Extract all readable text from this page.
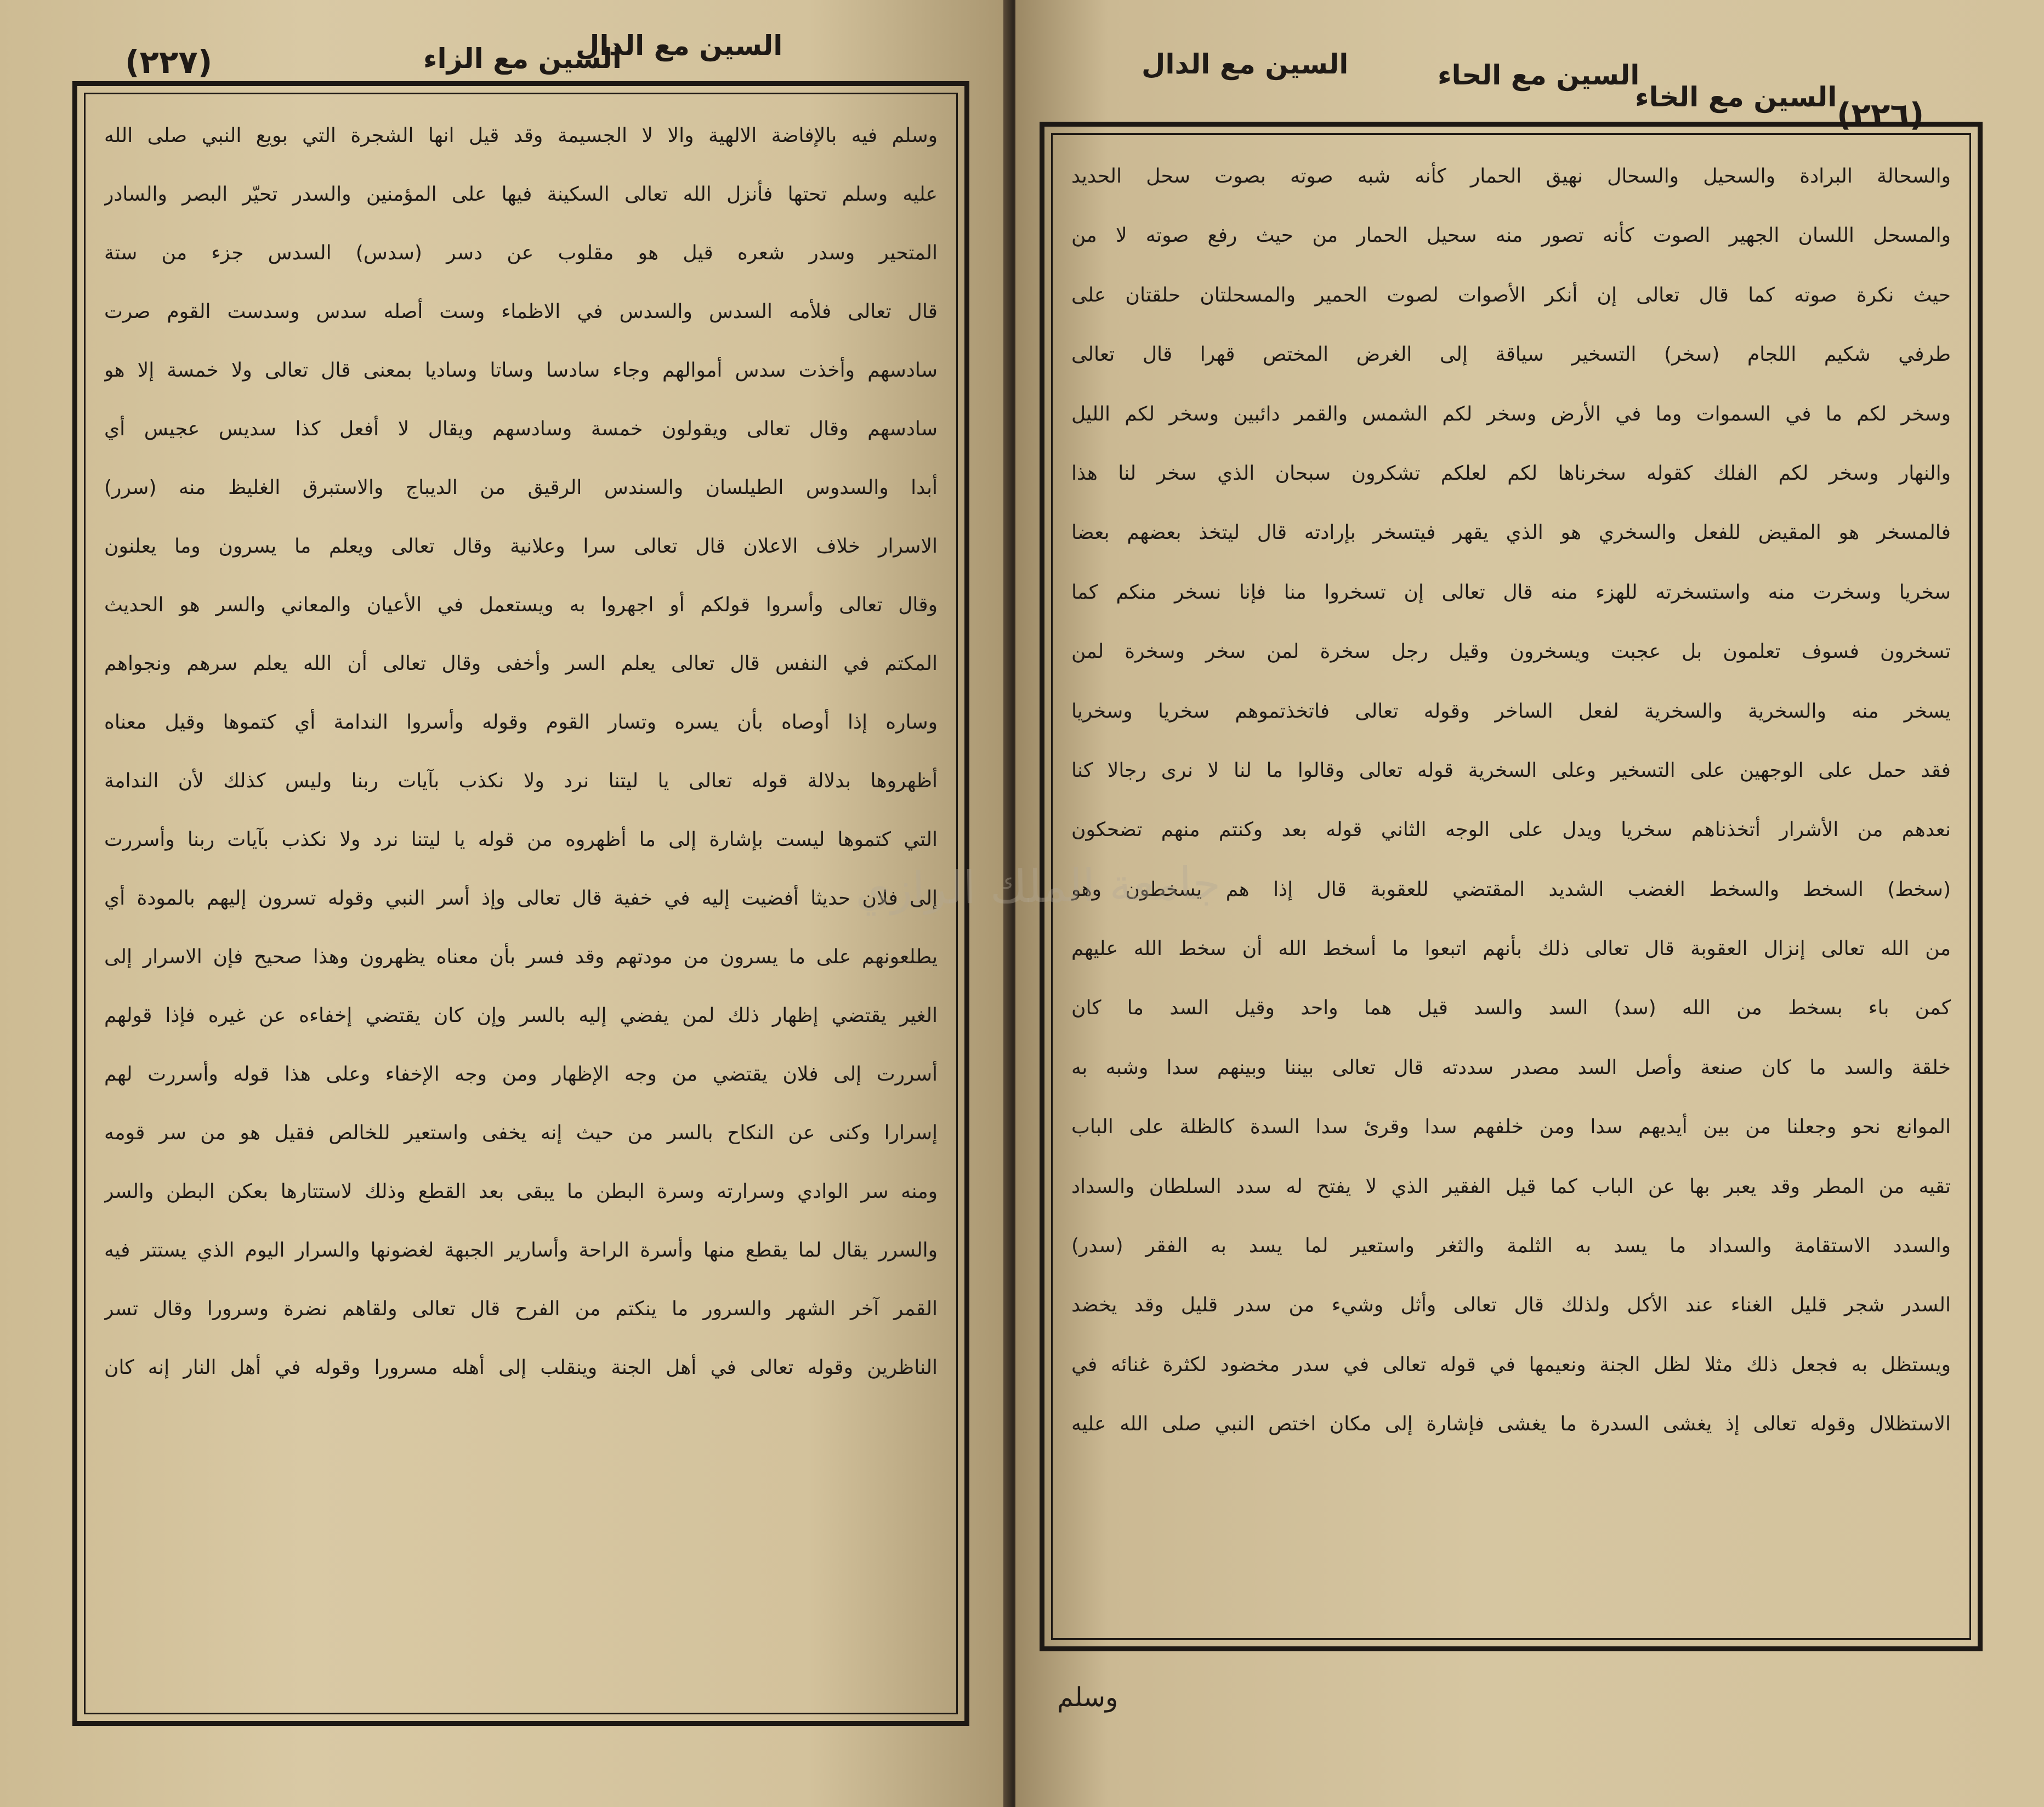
(٢٢٧)	السين مع الدال
السين مع الزاء
وسلم فيه بالإفاضة الالهية والا لا الجسيمة وقد قيل انها الشجرة التي بويع النبي صلى الله
عليه وسلم تحتها فأنزل الله تعالى السكينة فيها على المؤمنين والسدر تحيّر البصر والسادر
المتحير وسدر شعره قيل هو مقلوب عن دسر (سدس) السدس جزء من ستة
قال تعالى فلأمه السدس والسدس في الاظماء وست أصله سدس وسدست القوم صرت
سادسهم وأخذت سدس أموالهم وجاء سادسا وساتا وساديا بمعنى قال تعالى ولا خمسة إلا هو
سادسهم وقال تعالى ويقولون خمسة وسادسهم ويقال لا أفعل كذا سديس عجيس أي
أبدا والسدوس الطيلسان والسندس الرقيق من الديباج والاستبرق الغليظ منه (سرر)
الاسرار خلاف الاعلان قال تعالى سرا وعلانية وقال تعالى ويعلم ما يسرون وما يعلنون
وقال تعالى وأسروا قولكم أو اجهروا به ويستعمل في الأعيان والمعاني والسر هو الحديث
المكتم في النفس قال تعالى يعلم السر وأخفى وقال تعالى أن الله يعلم سرهم ونجواهم
وساره إذا أوصاه بأن يسره وتسار القوم وقوله وأسروا الندامة أي كتموها وقيل معناه
أظهروها بدلالة قوله تعالى يا ليتنا نرد ولا نكذب بآيات ربنا وليس كذلك لأن الندامة
التي كتموها ليست بإشارة إلى ما أظهروه من قوله يا ليتنا نرد ولا نكذب بآيات ربنا وأسررت
إلى فلان حديثا أفضيت إليه في خفية قال تعالى وإذ أسر النبي وقوله تسرون إليهم بالمودة أي
يطلعونهم على ما يسرون من مودتهم وقد فسر بأن معناه يظهرون وهذا صحيح فإن الاسرار إلى
الغير يقتضي إظهار ذلك لمن يفضي إليه بالسر وإن كان يقتضي إخفاءه عن غيره فإذا قولهم
أسررت إلى فلان يقتضي من وجه الإظهار ومن وجه الإخفاء وعلى هذا قوله وأسررت لهم
إسرارا وكنى عن النكاح بالسر من حيث إنه يخفى واستعير للخالص فقيل هو من سر قومه
ومنه سر الوادي وسرارته وسرة البطن ما يبقى بعد القطع وذلك لاستتارها بعكن البطن والسر
والسرر يقال لما يقطع منها وأسرة الراحة وأسارير الجبهة لغضونها والسرار اليوم الذي يستتر فيه
القمر آخر الشهر والسرور ما ينكتم من الفرح قال تعالى ولقاهم نضرة وسرورا وقال تسر
الناظرين وقوله تعالى في أهل الجنة وينقلب إلى أهله مسرورا وقوله في أهل النار إنه كان
(٢٢٦)
السين مع الخاء
السين مع الحاء
السين مع الدال
والسحالة البرادة والسحيل والسحال نهيق الحمار كأنه شبه صوته بصوت سحل الحديد
والمسحل اللسان الجهير الصوت كأنه تصور منه سحيل الحمار من حيث رفع صوته لا من
حيث نكرة صوته كما قال تعالى إن أنكر الأصوات لصوت الحمير والمسحلتان حلقتان على
طرفي شكيم اللجام (سخر) التسخير سياقة إلى الغرض المختص قهرا قال تعالى
وسخر لكم ما في السموات وما في الأرض وسخر لكم الشمس والقمر دائبين وسخر لكم الليل
والنهار وسخر لكم الفلك كقوله سخرناها لكم لعلكم تشكرون سبحان الذي سخر لنا هذا
فالمسخر هو المقيض للفعل والسخري هو الذي يقهر فيتسخر بإرادته قال ليتخذ بعضهم بعضا
سخريا وسخرت منه واستسخرته للهزء منه قال تعالى إن تسخروا منا فإنا نسخر منكم كما
تسخرون فسوف تعلمون بل عجبت ويسخرون وقيل رجل سخرة لمن سخر وسخرة لمن
يسخر منه والسخرية والسخرية لفعل الساخر وقوله تعالى فاتخذتموهم سخريا وسخريا
فقد حمل على الوجهين على التسخير وعلى السخرية قوله تعالى وقالوا ما لنا لا نرى رجالا كنا
نعدهم من الأشرار أتخذناهم سخريا ويدل على الوجه الثاني قوله بعد وكنتم منهم تضحكون
(سخط) السخط والسخط الغضب الشديد المقتضي للعقوبة قال إذا هم يسخطون وهو
من الله تعالى إنزال العقوبة قال تعالى ذلك بأنهم اتبعوا ما أسخط الله أن سخط الله عليهم
كمن باء بسخط من الله (سد) السد والسد قيل هما واحد وقيل السد ما كان
خلقة والسد ما كان صنعة وأصل السد مصدر سددته قال تعالى بيننا وبينهم سدا وشبه به
الموانع نحو وجعلنا من بين أيديهم سدا ومن خلفهم سدا وقرئ سدا السدة كالظلة على الباب
تقيه من المطر وقد يعبر بها عن الباب كما قيل الفقير الذي لا يفتح له سدد السلطان والسداد
والسدد الاستقامة والسداد ما يسد به الثلمة والثغر واستعير لما يسد به الفقر (سدر)
السدر شجر قليل الغناء عند الأكل ولذلك قال تعالى وأثل وشيء من سدر قليل وقد يخضد
ويستظل به فجعل ذلك مثلا لظل الجنة ونعيمها في قوله تعالى في سدر مخضود لكثرة غنائه في
الاستظلال وقوله تعالى إذ يغشى السدرة ما يغشى فإشارة إلى مكان اختص النبي صلى الله عليه
وسلم
جامعة الملك الرازي
